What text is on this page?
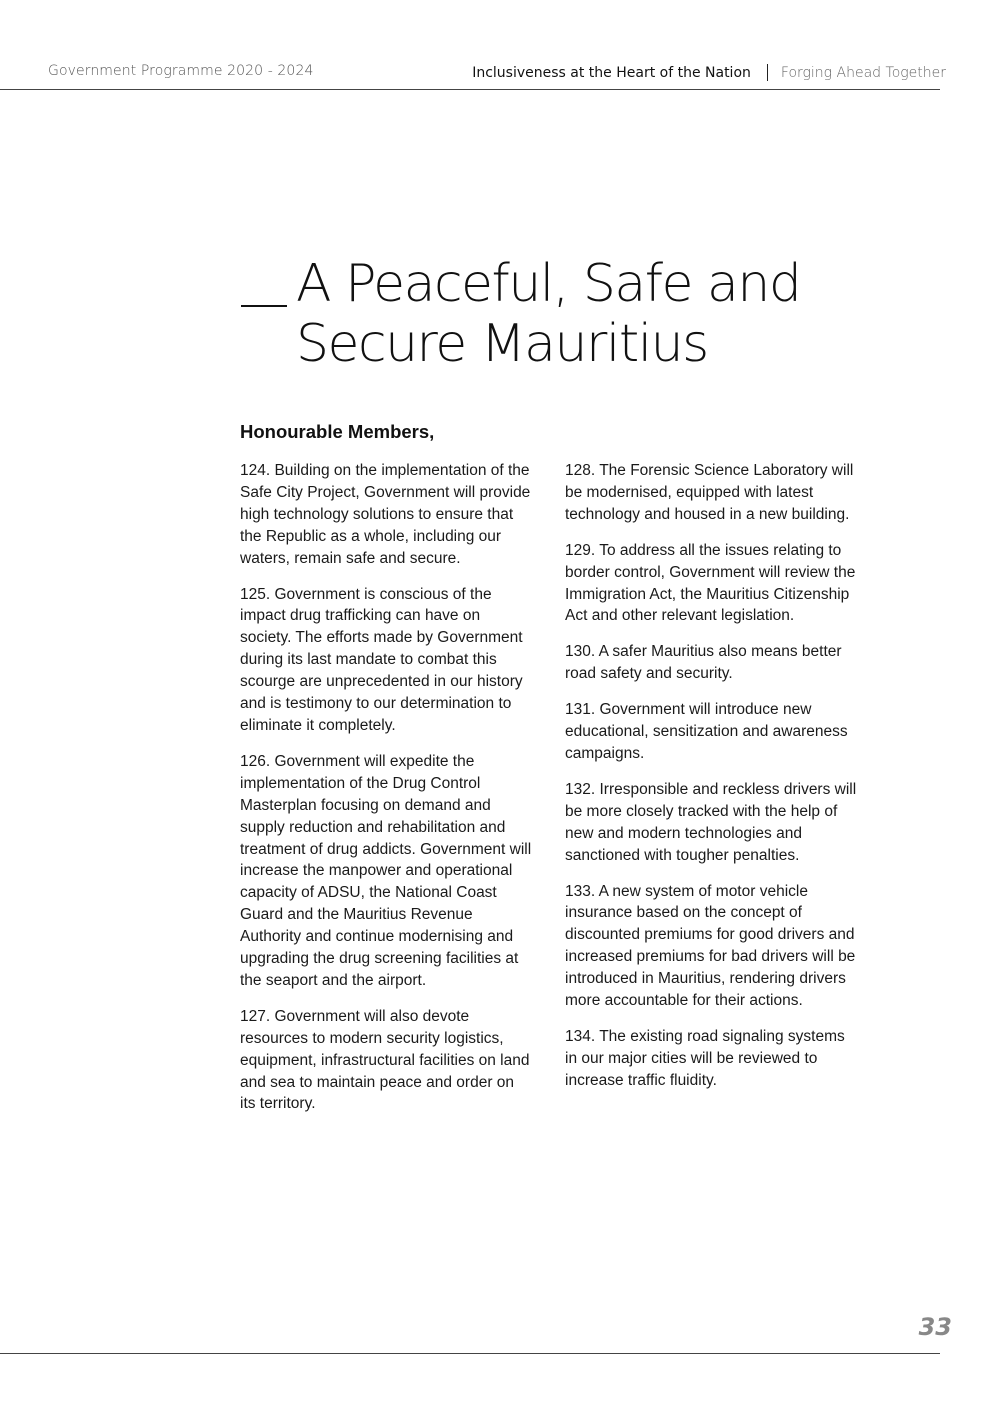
Government Programme 2020 - 2024	Inclusiveness at the Heart of the Nation Forging Ahead Together
A Peaceful, Safe and
Secure Mauritius
Honourable Members,

124. Building on the implementation of the Safe City Project, Government will provide high technology solutions to ensure that the Republic as a whole, including our waters, remain safe and secure.

125. Government is conscious of the impact drug trafficking can have on society. The efforts made by Government during its last mandate to combat this scourge are unprecedented in our history and is testimony to our determination to eliminate it completely.

126. Government will expedite the implementation of the Drug Control Masterplan focusing on demand and supply reduction and rehabilitation and treatment of drug addicts. Government will increase the manpower and operational capacity of ADSU, the National Coast Guard and the Mauritius Revenue Authority and continue modernising and upgrading the drug screening facilities at the seaport and the airport.

127. Government will also devote resources to modern security logistics, equipment, infrastructural facilities on land and sea to maintain peace and order on its territory.

128. The Forensic Science Laboratory will be modernised, equipped with latest technology and housed in a new building.

129. To address all the issues relating to border control, Government will review the Immigration Act, the Mauritius Citizenship Act and other relevant legislation.

130. A safer Mauritius also means better road safety and security.

131. Government will introduce new educational, sensitization and awareness campaigns.

132. Irresponsible and reckless drivers will be more closely tracked with the help of new and modern technologies and sanctioned with tougher penalties.

133. A new system of motor vehicle insurance based on the concept of discounted premiums for good drivers and increased premiums for bad drivers will be introduced in Mauritius, rendering drivers more accountable for their actions.

134. The existing road signaling systems in our major cities will be reviewed to increase traffic fluidity.

33
